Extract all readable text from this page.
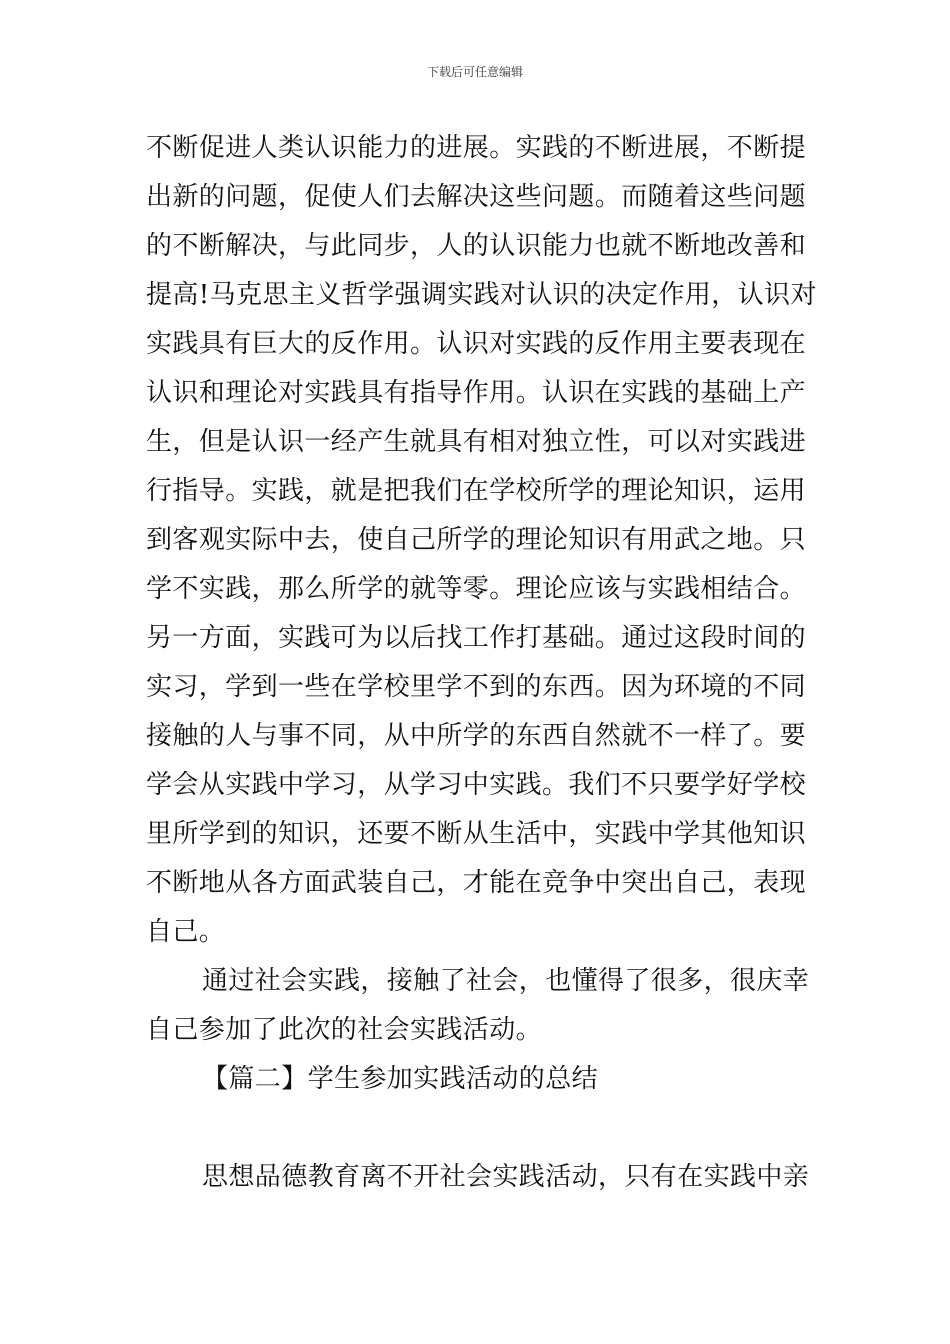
下载后可任意编辑
不断促进人类认识能力的进展。实践的不断进展，不断提
出新的问题，促使人们去解决这些问题。而随着这些问题
的不断解决，与此同步，人的认识能力也就不断地改善和
提高!马克思主义哲学强调实践对认识的决定作用，认识对
实践具有巨大的反作用。认识对实践的反作用主要表现在
认识和理论对实践具有指导作用。认识在实践的基础上产
生，但是认识一经产生就具有相对独立性，可以对实践进
行指导。实践，就是把我们在学校所学的理论知识，运用
到客观实际中去，使自己所学的理论知识有用武之地。只
学不实践，那么所学的就等零。理论应该与实践相结合。
另一方面，实践可为以后找工作打基础。通过这段时间的
实习，学到一些在学校里学不到的东西。因为环境的不同
接触的人与事不同，从中所学的东西自然就不一样了。要
学会从实践中学习，从学习中实践。我们不只要学好学校
里所学到的知识，还要不断从生活中，实践中学其他知识
不断地从各方面武装自己，才能在竞争中突出自己，表现
自己。
通过社会实践，接触了社会，也懂得了很多，很庆幸
自己参加了此次的社会实践活动。
【篇二】学生参加实践活动的总结
思想品德教育离不开社会实践活动，只有在实践中亲
